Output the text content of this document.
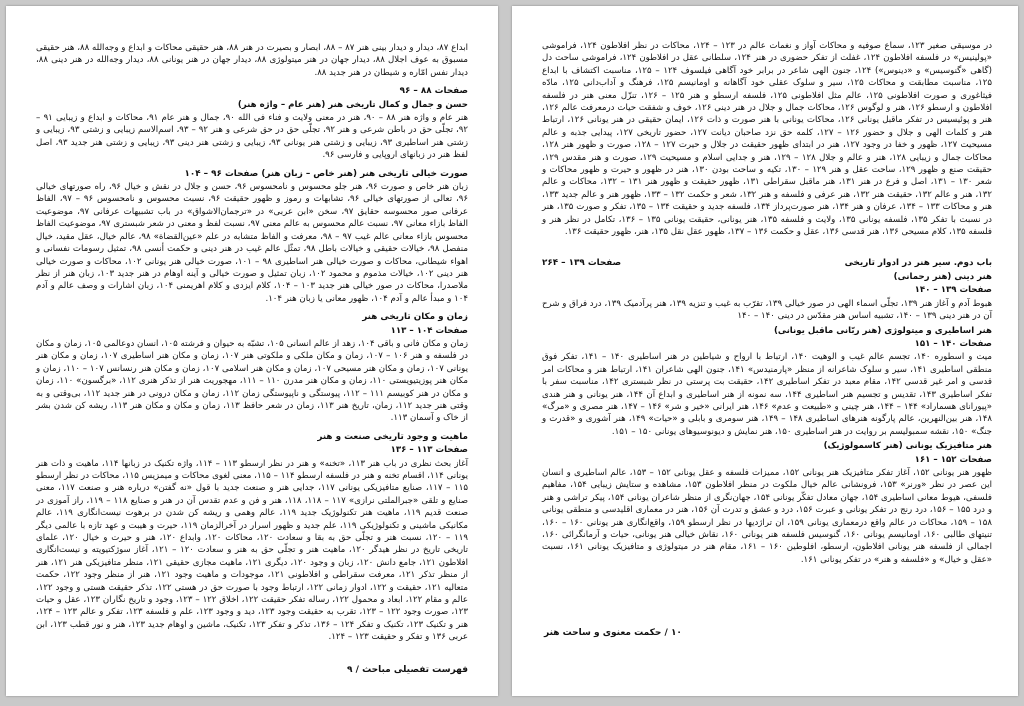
ابداع ۸۷، دیدار و دیدار بینی هنر ۸۷ – ۸۸، ابصار و بصیرت در هنر ۸۸، هنر حقیقی محاکات و ابداع و وجه‌الله ۸۸، هنر حقیقی مسبوق به عوف اجلال ۸۸، دیدار جهان در هنر میتولوژی ۸۸، دیدار جهان در هنر یونانی ۸۸، دیدار وجه‌الله در هنر دینی ۸۸، دیدار نفس امّاره و شیطان در هنر جدید ۸۸.

صفحات ۸۸ – ۹۶
حسن و جمال و کمال تاریخی هنر (هنر عام – واژه هنر)

هنر عام و واژه هنر ۸۸ – ۹۰، هنر در معنی ولایت و فناء فی الله ۹۰، جمال و هنر عام ۹۱، محاکات و ابداع و زیبایی ۹۱ – ۹۲، تجلّی حق در باطن شرعی و هنر ۹۲، تجلّی حق در حق شرعی و هنر ۹۲ – ۹۳، اسم‌الاسم زیبایی و زشتی ۹۳، زیبایی و زشتی هنر اساطیری ۹۳، زیبایی و زشتی هنر یونانی ۹۳، زیبایی و زشتی هنر دینی ۹۳، زیبایی و زشتی هنر جدید ۹۳، اصل لفظ هنر در زبانهای اروپایی و فارسی ۹۶.

صورت خیالی تاریخی هنر (هنر خاص – زبان هنر) صفحات ۹۶ – ۱۰۴

زبان هنر خاص و صورت ۹۶، هنر جلو محسوس و نامحسوس ۹۶، حسن و جلال در نقش و خیال ۹۶، راه صورتهای خیالی ۹۶، تعالی از صورتهای خیالی ۹۶، تشابهات و رموز و ظهور حقیقت ۹۶، نسبت محسوس و نامحسوس ۹۶ – ۹۷، الفاظ عرفانی صور محسوسه حقایق ۹۷، سخن «ابن عربی» در «ترجمان‌الاشواق» در باب تشبیهات عرفانی ۹۷، موضوعیت الفاظ بازاء معانی ۹۷، نسبت عالم محسوس به عالم معنی ۹۷، نسبت لفظ و معنی در شعر شبستری ۹۷، موضوعیت الفاظ محسوس بازاء معانی عالم غیب ۹۷ – ۹۸، معرفت و الفاظ متشابه در علم «عین‌القضاة» ۹۸، عالم خیال، عقل مقید، خیال منفصل ۹۸، خیالات حقیقی و خیالات باطل ۹۸، تمثّل عالم غیب در هنر دینی و حکمت أنسی ۹۸، تمثیل رسومات نفسانی و اهواء شیطانی، محاکات و صورت خیالی هنر اساطیری ۹۸ – ۱۰۱، صورت خیالی هنر یونانی ۱۰۲، محاکات و صورت خیالی هنر دینی ۱۰۲، خیالات مذموم و محمود ۱۰۲، زبان تمثیل و صورت خیالی و آینه اوهام در هنر جدید ۱۰۳، زبان هنر از نظر ملاصدرا، محاکات در صور خیالی هنر جدید ۱۰۳ – ۱۰۴، کلام ایزدی و کلام اهریمنی ۱۰۴، زبان اشارات و وصف عالم و آدم ۱۰۴ و مبدأ عالم و آدم ۱۰۴، ظهور معانی یا زبان هنر ۱۰۴.

زمان و مکان تاریخی هنر
صفحات ۱۰۴ – ۱۱۳

زمان و مکان فانی و باقی ۱۰۴، زهد از عالم انسانی ۱۰۵، تشبّه به حیوان و فرشته ۱۰۵، انسان دوعالمی ۱۰۵، زمان و مکان در فلسفه و هنر ۱۰۶ – ۱۰۷، زمان و مکان ملکی و ملکوتی هنر ۱۰۷، زمان و مکان هنر اساطیری ۱۰۷، زمان و مکان هنر یونانی ۱۰۷، زمان و مکان هنر مسیحی ۱۰۷، زمان و مکان هنر اسلامی ۱۰۷، زمان و مکان هنر رنسانس ۱۰۷ – ۱۱۰، زمان و مکان هنر پوزیتیویستی ۱۱۰، زمان و مکان هنر مدرن ۱۱۰ – ۱۱۱، مهجوریت هنر از تذکر هنری ۱۱۲، «برگسون» ۱۱۰، زمان و مکان در هنر کوبیسم ۱۱۱ – ۱۱۲، پیوستگی و ناپیوستگی زمان ۱۱۲، زمان و مکان درونی در هنر جدید ۱۱۲، بی‌وقتی و به وقتی هنر جدید ۱۱۲، زمان، تاریخ هنر ۱۱۳، زمان در شعر حافظ ۱۱۳، زمان و مکان و مکان هنر ۱۱۳، ریشه کن شدن بشر از خاک و آسمان ۱۱۳.

ماهیت و وجود تاریخی صنعت و هنر
صفحات ۱۱۳ – ۱۳۶

آغاز بحث نظری در باب هنر ۱۱۳، «تخنه» و هنر در نظر ارسطو ۱۱۳ – ۱۱۴، واژه تکنیک در زبانها ۱۱۴، ماهیت و ذات هنر یونانی ۱۱۴، اقسام تخنه و هنر در فلسفه ارسطو ۱۱۴ – ۱۱۵، معنی لغوی محاکات و میمزیس ۱۱۵، محاکات در نظر ارسطو ۱۱۵ – ۱۱۷، صنایع متافیزیکی یونانی ۱۱۷، جدایی هنر و صنعت جدید با قول «نه گفتن» درباره هنر و صنعت ۱۱۷، معنی صنایع و تلقی «جبرالملتی نرازی» ۱۱۷ – ۱۱۸، ۱۱۸، هنر و فن و عدم تقدس آن در هنر و صنایع ۱۱۸ – ۱۱۹، راز آموزی در صنعت قدیم ۱۱۹، ماهیت هنر تکنولوژیک جدید ۱۱۹، عالم وهمی و ریشه کن شدن در برهوت نیست‌انگاری ۱۱۹، عالم مکانیکی ماشینی و تکنولوژیکی ۱۱۹، علم جدید و ظهور اسرار در آخرالزمان ۱۱۹، حیرت و هیبت و عهد تازه با عالمی دیگر ۱۱۹ – ۱۲۰، نسبت هنر و تجلّی حق به بقا و سعادت ۱۲۰، محاکات ۱۲۰، وابداع ۱۲۰، هنر و حیرت و خیال ۱۲۰، علمای تاریخی تاریخ در نظر هیدگر ۱۲۰، ماهیت هنر و تجلّی حق به هنر و سعادت ۱۲۰ – ۱۲۱، آغاز سوژکتیویته و نیست‌انگاری افلاطون ۱۲۱، جامع دانش ۱۲۰، زبان و وجود ۱۲۰، دیگری ۱۲۱، ماهیت مجازی حقیقی ۱۲۱، منظر متافیزیکی هنر ۱۲۱، هنر از منظر تذکر ۱۲۱، معرفت سقراطی و افلاطونی ۱۲۱، موجودات و ماهیت وجود ۱۲۱، هنر از منظر وجود ۱۲۲، حکمت متعالیه ۱۲۱، حقیقت و ۱۲۲، ادوار زمانی ۱۲۲، ارتباط وجود با صورت حق در هستی ۱۲۲، تذکر حقیقت هستی و وجود ۱۲۲، عالم و مقام ۱۲۲، ابعاد و محمول ۱۲۲، رساله تفکر حقیقت ۱۲۲، اخلاق ۱۲۲ – ۱۲۳، وجود و تاریخ نگاران ۱۲۳، عقل و حیات ۱۲۳، صورت وجود ۱۲۲ – ۱۲۳، تقرب به حقیقت وجود ۱۲۳، دید و وجود ۱۲۳، علم و فلسفه ۱۲۳، تفکر و عالم ۱۲۳ – ۱۲۴، هنر و تکنیک ۱۲۳، تکنیک و تفکر ۱۲۴ – ۱۳۶، تذکر و تفکر ۱۲۳، تکنیک، ماشین و اوهام جدید ۱۲۳، هنر و نور قطب ۱۲۳، ابن عربی ۱۳۶ و تفکر و حقیقت ۱۲۳ – ۱۲۴.

فهرست تفصیلی مباحث / ۹

در موسیقی صغیر ۱۲۳، سماع صوفیه و محاکات آواز و نغمات عالم در ۱۲۳ – ۱۲۴، محاکات در نظر افلاطون ۱۲۴، فراموشی «پولینیس» در فلسفه افلاطون ۱۲۴، غفلت از تفکر حضوری در هنر ۱۲۴، سلطانی عقل در افلاطون ۱۲۴، فراموشی ساحت دل (گاهی «گنوسیس» و «دینوس») ۱۲۴، جنون الهی شاعر در برابر خود آگاهی فیلسوف ۱۲۴ – ۱۲۵، مناسبت اکتشاف با ابداع ۱۲۵، مناسبت مطابقت و محاکات ۱۲۵، سیر و سلوک عقلی خود آگاهانه و اومانیسم ۱۲۵، فرهنگ و آداب‌دانی ۱۲۵، مادّه فیثاغوری و صورت افلاطونی ۱۲۵، عالم مثل افلاطونی ۱۲۵، فلسفه ارسطو و هنر ۱۲۵ – ۱۲۶، تنزّل معنی هنر در فلسفه افلاطون و ارسطو ۱۲۶، هنر و لوگوس ۱۲۶، محاکات جمال و جلال در هنر دینی ۱۲۶، خوف و شفقت حیات درمعرفت عالم ۱۲۶، هنر و پوئیسیس در تفکر ماقبل یونانی ۱۲۶، محاکات یونانی با هنر صورت و ذات ۱۲۶، ایمان حقیقی در هنر یونانی ۱۲۶، ارتباط هنر و کلمات الهی و جلال و حضور ۱۲۶ – ۱۲۷، کلمه حق نزد صاحبان دیانت ۱۲۷، حضور تاریخی ۱۲۷، پیدایی جذبه و عالم مسیحیت ۱۲۷، ظهور و خفا در وجود ۱۲۷، هنر در ابتدای ظهور حقیقت در جلال و حیرت ۱۲۷ – ۱۲۸، صورت و ظهور هنر ۱۲۸، محاکات جمال و زیبایی ۱۲۸، هنر و عالم و جلال ۱۲۸ – ۱۲۹، هنر و جدایی اسلام و مسیحیت ۱۲۹، صورت و هنر مقدس ۱۲۹، حقیقت صنع و ظهور ۱۲۹، ساحت عقل و هنر ۱۲۹ – ۱۳۰، تکیه و ساحت بودن ۱۳۰، هنر در ظهور و حیرت و ظهور محاکات و شعر ۱۳۰ – ۱۳۱، اصل و فرع در هنر ۱۳۱، هنر ماقبل سقراطی ۱۳۱، ظهور حقیقت و ظهور هنر ۱۳۱ – ۱۳۲، محاکات و عالم ۱۳۲، هنر و عالم ۱۳۲، حقیقت هنر ۱۳۲، هنر عرفی و فلسفه و هنر ۱۳۲، شعر و حکمت ۱۳۲ – ۱۳۳، ظهور هنر و عالم جدید ۱۳۳، هنر و محاکات ۱۳۳ – ۱۳۴، عرفان و هنر ۱۳۴، هنر صورت‌پرداز ۱۳۴، فلسفه جدید و حقیقت ۱۳۴ – ۱۳۵، تفکر و صورت ۱۳۵، هنر در نسبت با تفکر ۱۳۵، فلسفه یونانی ۱۳۵، ولایت و فلسفه ۱۳۵، هنر یونانی، حقیقت یونانی ۱۳۵ – ۱۳۶، تکامل در نظر هنر و فلسفه ۱۳۵، کلام مسیحی ۱۳۶، هنر قدسی ۱۳۶، عقل و حکمت ۱۳۶ – ۱۳۷، ظهور عقل نقل ۱۳۵، هنر، ظهور حقیقت ۱۳۶.

باب دوم. سیر هنر در ادوار تاریخی
صفحات ۱۳۹ – ۲۶۴
هنر دینی (هنر رحمانی)
صفحات ۱۳۹ – ۱۴۰

هبوط آدم و آغاز هنر ۱۳۹، تجلّی اسماء الهی در صور خیالی ۱۳۹، تقرّب به غیب و تنزیه ۱۳۹، هنر پرآدمیک ۱۳۹، درد فراق و شرح آن در هنر دینی ۱۳۹ – ۱۴۰، تشبیه اساس هنر مقدّس در دینی ۱۴۰ – ۱۴۰

هنر اساطیری و میتولوژی (هنر ربّانی ماقبل یونانی)
صفحات ۱۴۰ – ۱۵۱

میت و اسطوره ۱۴۰، تجسم عالم غیب و الوهیت ۱۴۰، ارتباط با ارواح و شیاطین در هنر اساطیری ۱۴۰ – ۱۴۱، تفکر فوق منطقی اساطیری ۱۴۱، سیر و سلوک شاعرانه از منظر «پارمنیدس» ۱۴۱، جنون الهی شاعران ۱۴۱، ارتباط هنر و محاکات امر قدسی و امر غیر قدسی ۱۴۲، مقام معبد در تفکر اساطیری ۱۴۲، حقیقت بت پرستی در نظر شبستری ۱۴۲، مناسبت سفر با تفکر اساطیری ۱۴۳، تقدیس و تجسیم هنر اساطیری ۱۴۴، سه نمونه از هنر اساطیری و ابداع آن ۱۴۴، هنر یونانی و هنر هندی «پیورانای هسماراد» ۱۴۴ – ۱۴۴، هنر چینی و «طبیعت و عدم» ۱۴۶، هنر ایرانی «خیر و شر» ۱۴۶ – ۱۴۷، هنر مصری و «مرگ» ۱۴۸، هنر بین‌النهرین، عالم پارگونه هنرهای اساطیری ۱۴۸ – ۱۴۹، هنر سومری و بابلی و «حیات» ۱۴۹، هنر آشوری و «قدرت و جنگ» ۱۵۰، نقشه سمبولیسم بر روایت در هنر اساطیری ۱۵۰، هنر نمایش و دیونوسیوهای یونانی ۱۵۰ – ۱۵۱.

هنر متافیزیک یونانی (هنر کاسمولوژیک)
صفحات ۱۵۲ – ۱۶۱

ظهور هنر یونانی ۱۵۲، آغاز تفکر متافیزیک هنر یونانی ۱۵۲، ممیزات فلسفه و عقل یونانی ۱۵۲ – ۱۵۳، عالم اساطیری و انسان این عصر در نظر «ورنر» ۱۵۳، فرونشانی عالم خیال ملکوت در منظر افلاطون ۱۵۳، مشاهده و ستایش زیبایی ۱۵۴، مفاهیم فلسفی، هیوط معانی اساطیری ۱۵۴، جهان معادل تفکّر یونانی ۱۵۴، جهان‌نگری از منظر شاعران یونانی ۱۵۴، پیکر تراشی و هنر و درد ۱۵۵ – ۱۵۶، درد رنج در تفکر یونانی و عبرت ۱۵۶، درد و عشق و تدرت آن ۱۵۶، هنر در معماری اقلیدسی و منطقی یونانی ۱۵۸ – ۱۵۹، محاکات در عالم واقع درمعماری یونانی ۱۵۹، ان تراژدیها در نظر ارسطو ۱۵۹، واقع‌انگاری هنر یونانی ۱۶۰ – ۱۶۰، تنیتهای طالبی ۱۶۰، اومانیسم یونانی ۱۶۰، گنوسیس فلسفه هنر یونانی ۱۶۰، نقاش خیالی هنر یونانی، حیات و آرمانگرائی ۱۶۰، اجمالی از فلسفه هنر یونانی افلاطون، ارسطو، افلوطین ۱۶۰ – ۱۶۱، مقام هنر در میتولوژی و متافیزیک یونانی ۱۶۱، نسبت «عقل و خیال» و «فلسفه و هنر» در تفکر یونانی ۱۶۱.

۱۰ / حکمت معنوی و ساحت هنر
